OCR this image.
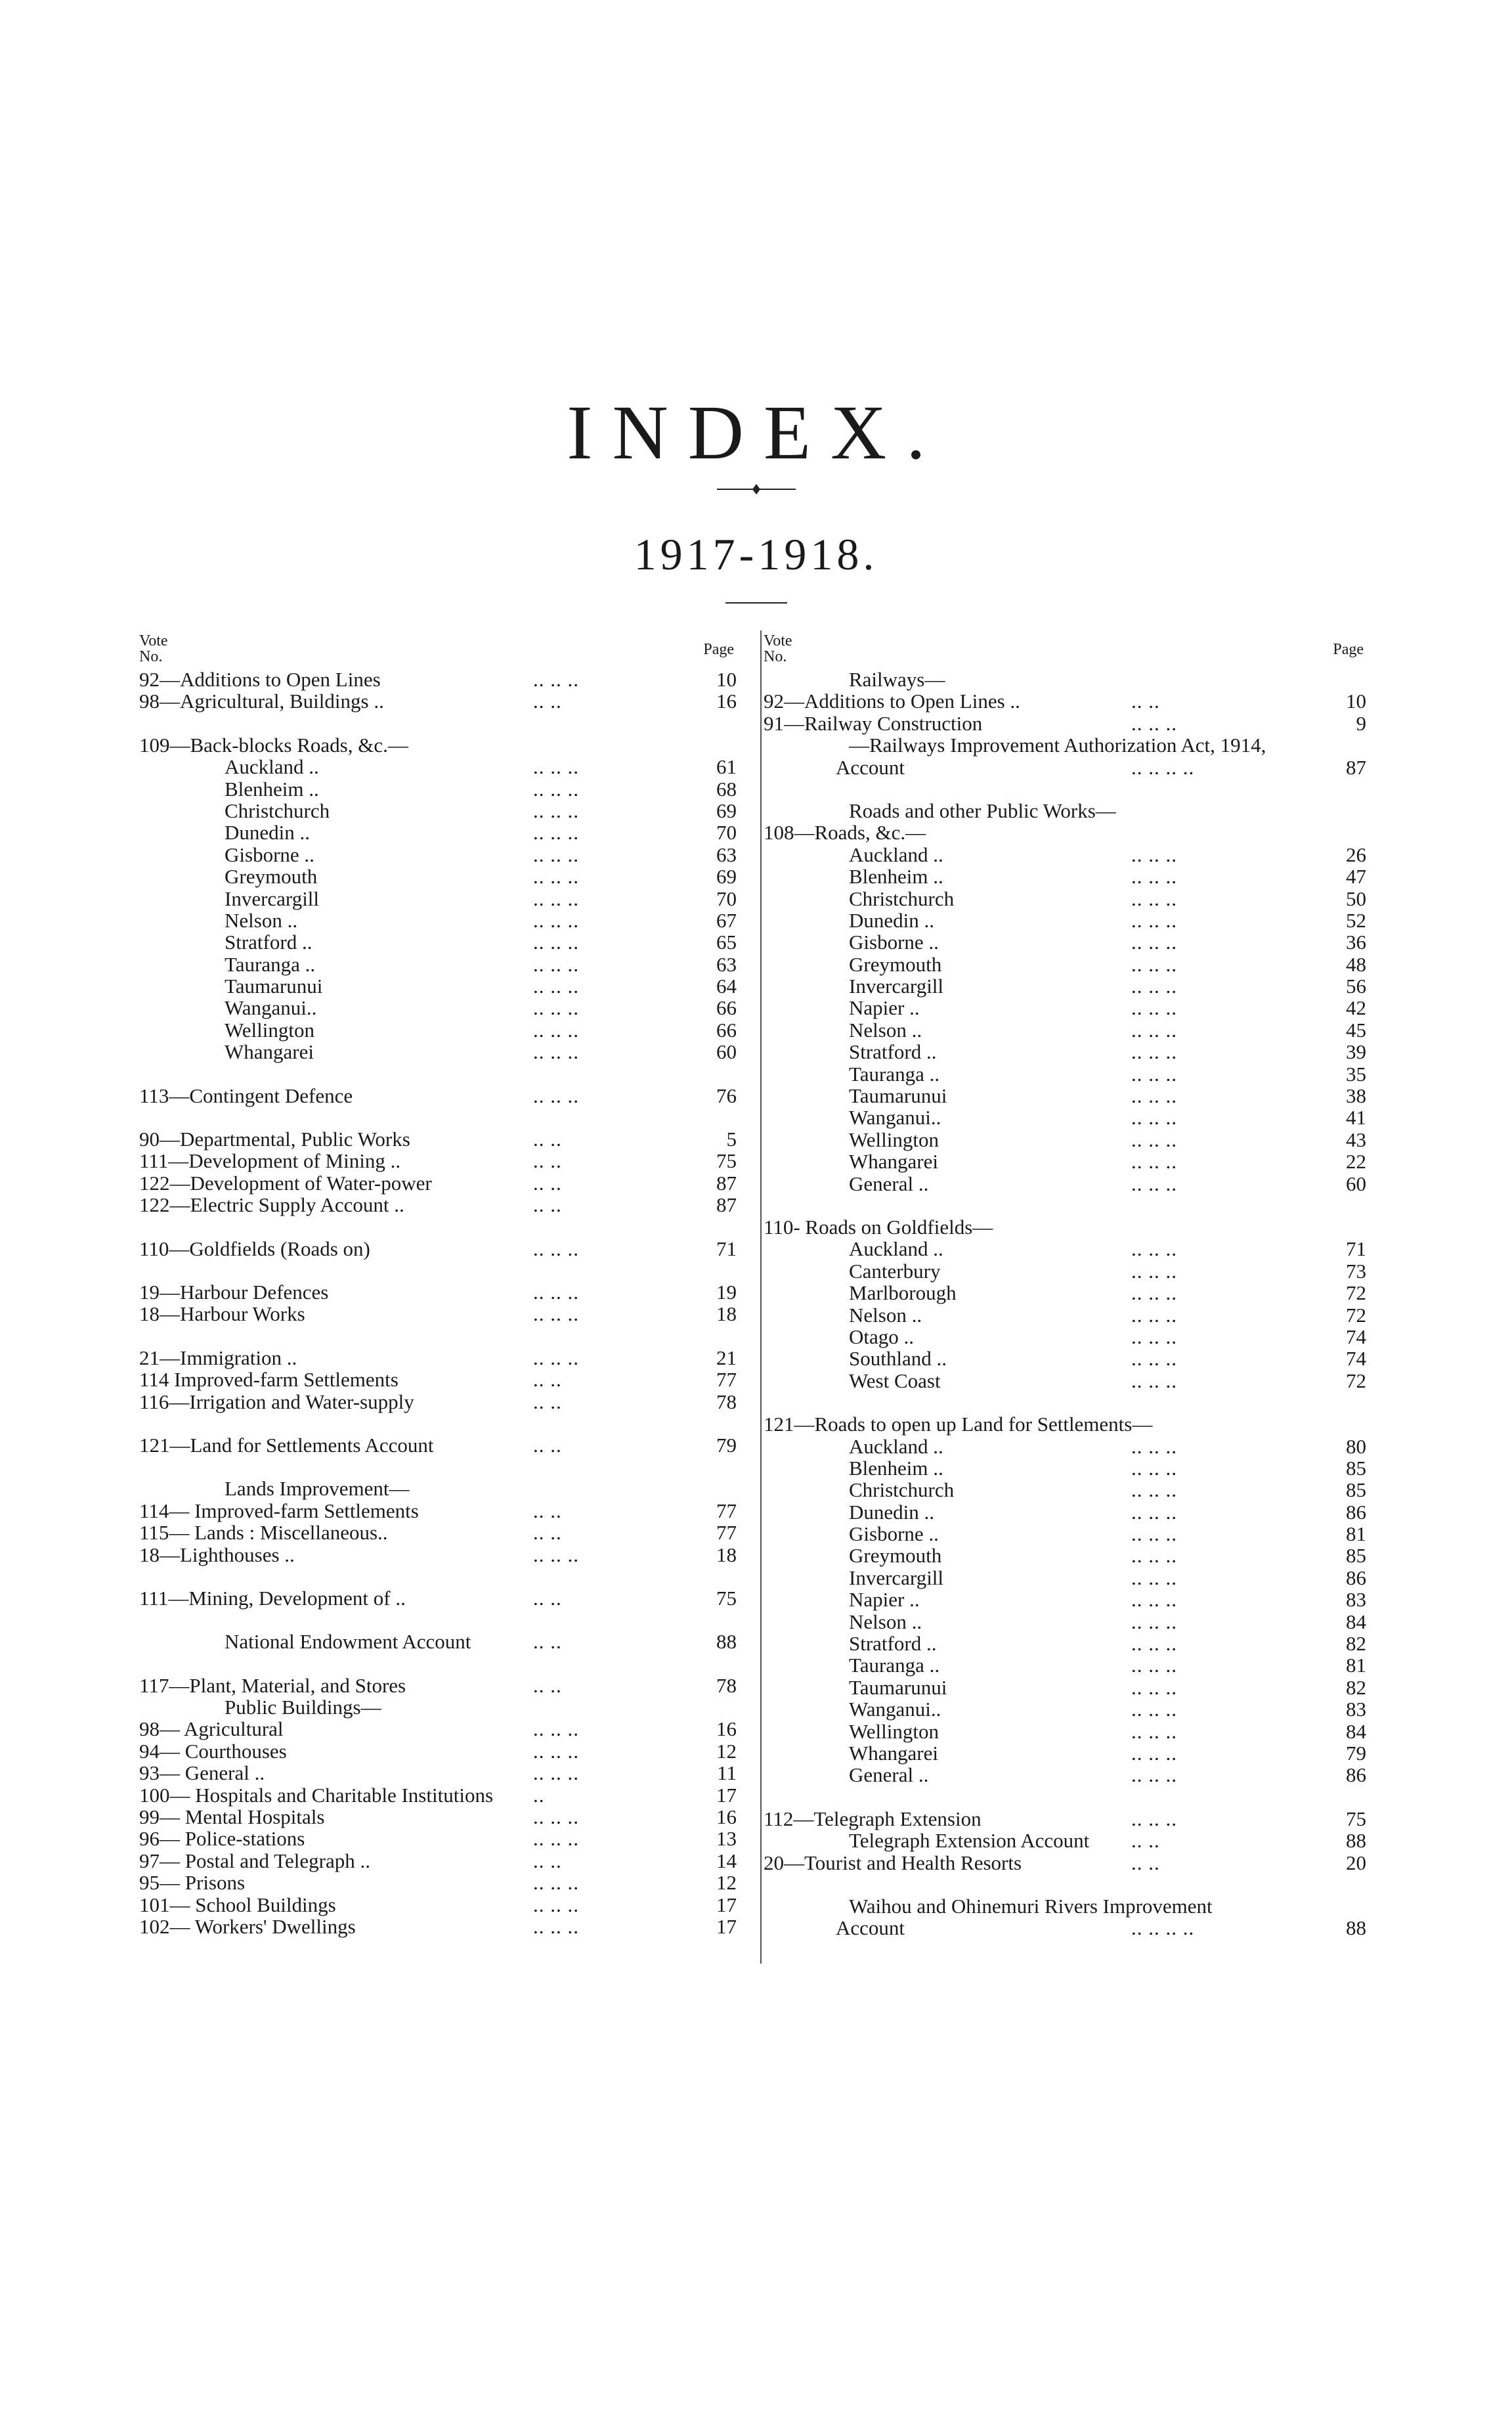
INDEX.
1917-1918.
Vote
No.	Page
92—Additions to Open Lines	.. .. ..	10
98—Agricultural, Buildings ..	.. ..	16
109—Back-blocks Roads, &c.—
Auckland ..	.. .. ..	61
Blenheim ..	.. .. ..	68
Christchurch	.. .. ..	69
Dunedin ..	.. .. ..	70
Gisborne ..	.. .. ..	63
Greymouth	.. .. ..	69
Invercargill	.. .. ..	70
Nelson ..	.. .. ..	67
Stratford ..	.. .. ..	65
Tauranga ..	.. .. ..	63
Taumarunui	.. .. ..	64
Wanganui..	.. .. ..	66
Wellington	.. .. ..	66
Whangarei	.. .. ..	60
113—Contingent Defence	.. .. ..	76
90—Departmental, Public Works	.. ..	5
111—Development of Mining ..	.. ..	75
122—Development of Water-power	.. ..	87
122—Electric Supply Account ..	.. ..	87
110—Goldfields (Roads on)	.. .. ..	71
19—Harbour Defences	.. .. ..	19
18—Harbour Works	.. .. ..	18
21—Immigration ..	.. .. ..	21
114 Improved-farm Settlements	.. ..	77
116—Irrigation and Water-supply	.. ..	78
121—Land for Settlements Account	.. ..	79
Lands Improvement—
114— Improved-farm Settlements	.. ..	77
115— Lands : Miscellaneous..	.. ..	77
18—Lighthouses ..	.. .. ..	18
111—Mining, Development of ..	.. ..	75
National Endowment Account	.. ..	88
117—Plant, Material, and Stores	.. ..	78
Public Buildings—
98— Agricultural	.. .. ..	16
94— Courthouses	.. .. ..	12
93— General ..	.. .. ..	11
100— Hospitals and Charitable Institutions ..	17
99— Mental Hospitals	.. .. ..	16
96— Police-stations	.. .. ..	13
97— Postal and Telegraph ..	.. ..	14
95— Prisons	.. .. ..	12
101— School Buildings	.. .. ..	17
102— Workers' Dwellings	.. .. ..	17
Vote
No.	Page
Railways—
92—Additions to Open Lines ..	.. ..	10
91—Railway Construction	.. .. ..	9
—Railways Improvement Authorization Act, 1914,
Account	.. .. .. ..	87
Roads and other Public Works—
108—Roads, &c.—
Auckland ..	.. .. ..	26
Blenheim ..	.. .. ..	47
Christchurch	.. .. ..	50
Dunedin ..	.. .. ..	52
Gisborne ..	.. .. ..	36
Greymouth	.. .. ..	48
Invercargill	.. .. ..	56
Napier ..	.. .. ..	42
Nelson ..	.. .. ..	45
Stratford ..	.. .. ..	39
Tauranga ..	.. .. ..	35
Taumarunui	.. .. ..	38
Wanganui..	.. .. ..	41
Wellington	.. .. ..	43
Whangarei	.. .. ..	22
General ..	.. .. ..	60
110- Roads on Goldfields—
Auckland ..	.. .. ..	71
Canterbury	.. .. ..	73
Marlborough	.. .. ..	72
Nelson ..	.. .. ..	72
Otago ..	.. .. ..	74
Southland ..	.. .. ..	74
West Coast	.. .. ..	72
121—Roads to open up Land for Settlements—
Auckland ..	.. .. ..	80
Blenheim ..	.. .. ..	85
Christchurch	.. .. ..	85
Dunedin ..	.. .. ..	86
Gisborne ..	.. .. ..	81
Greymouth	.. .. ..	85
Invercargill	.. .. ..	86
Napier ..	.. .. ..	83
Nelson ..	.. .. ..	84
Stratford ..	.. .. ..	82
Tauranga ..	.. .. ..	81
Taumarunui	.. .. ..	82
Wanganui..	.. .. ..	83
Wellington	.. .. ..	84
Whangarei	.. .. ..	79
General ..	.. .. ..	86
112—Telegraph Extension	.. .. ..	75
Telegraph Extension Account .. ..	88
20—Tourist and Health Resorts	.. ..	20
Waihou and Ohinemuri Rivers Improvement
Account	.. .. .. ..	88
